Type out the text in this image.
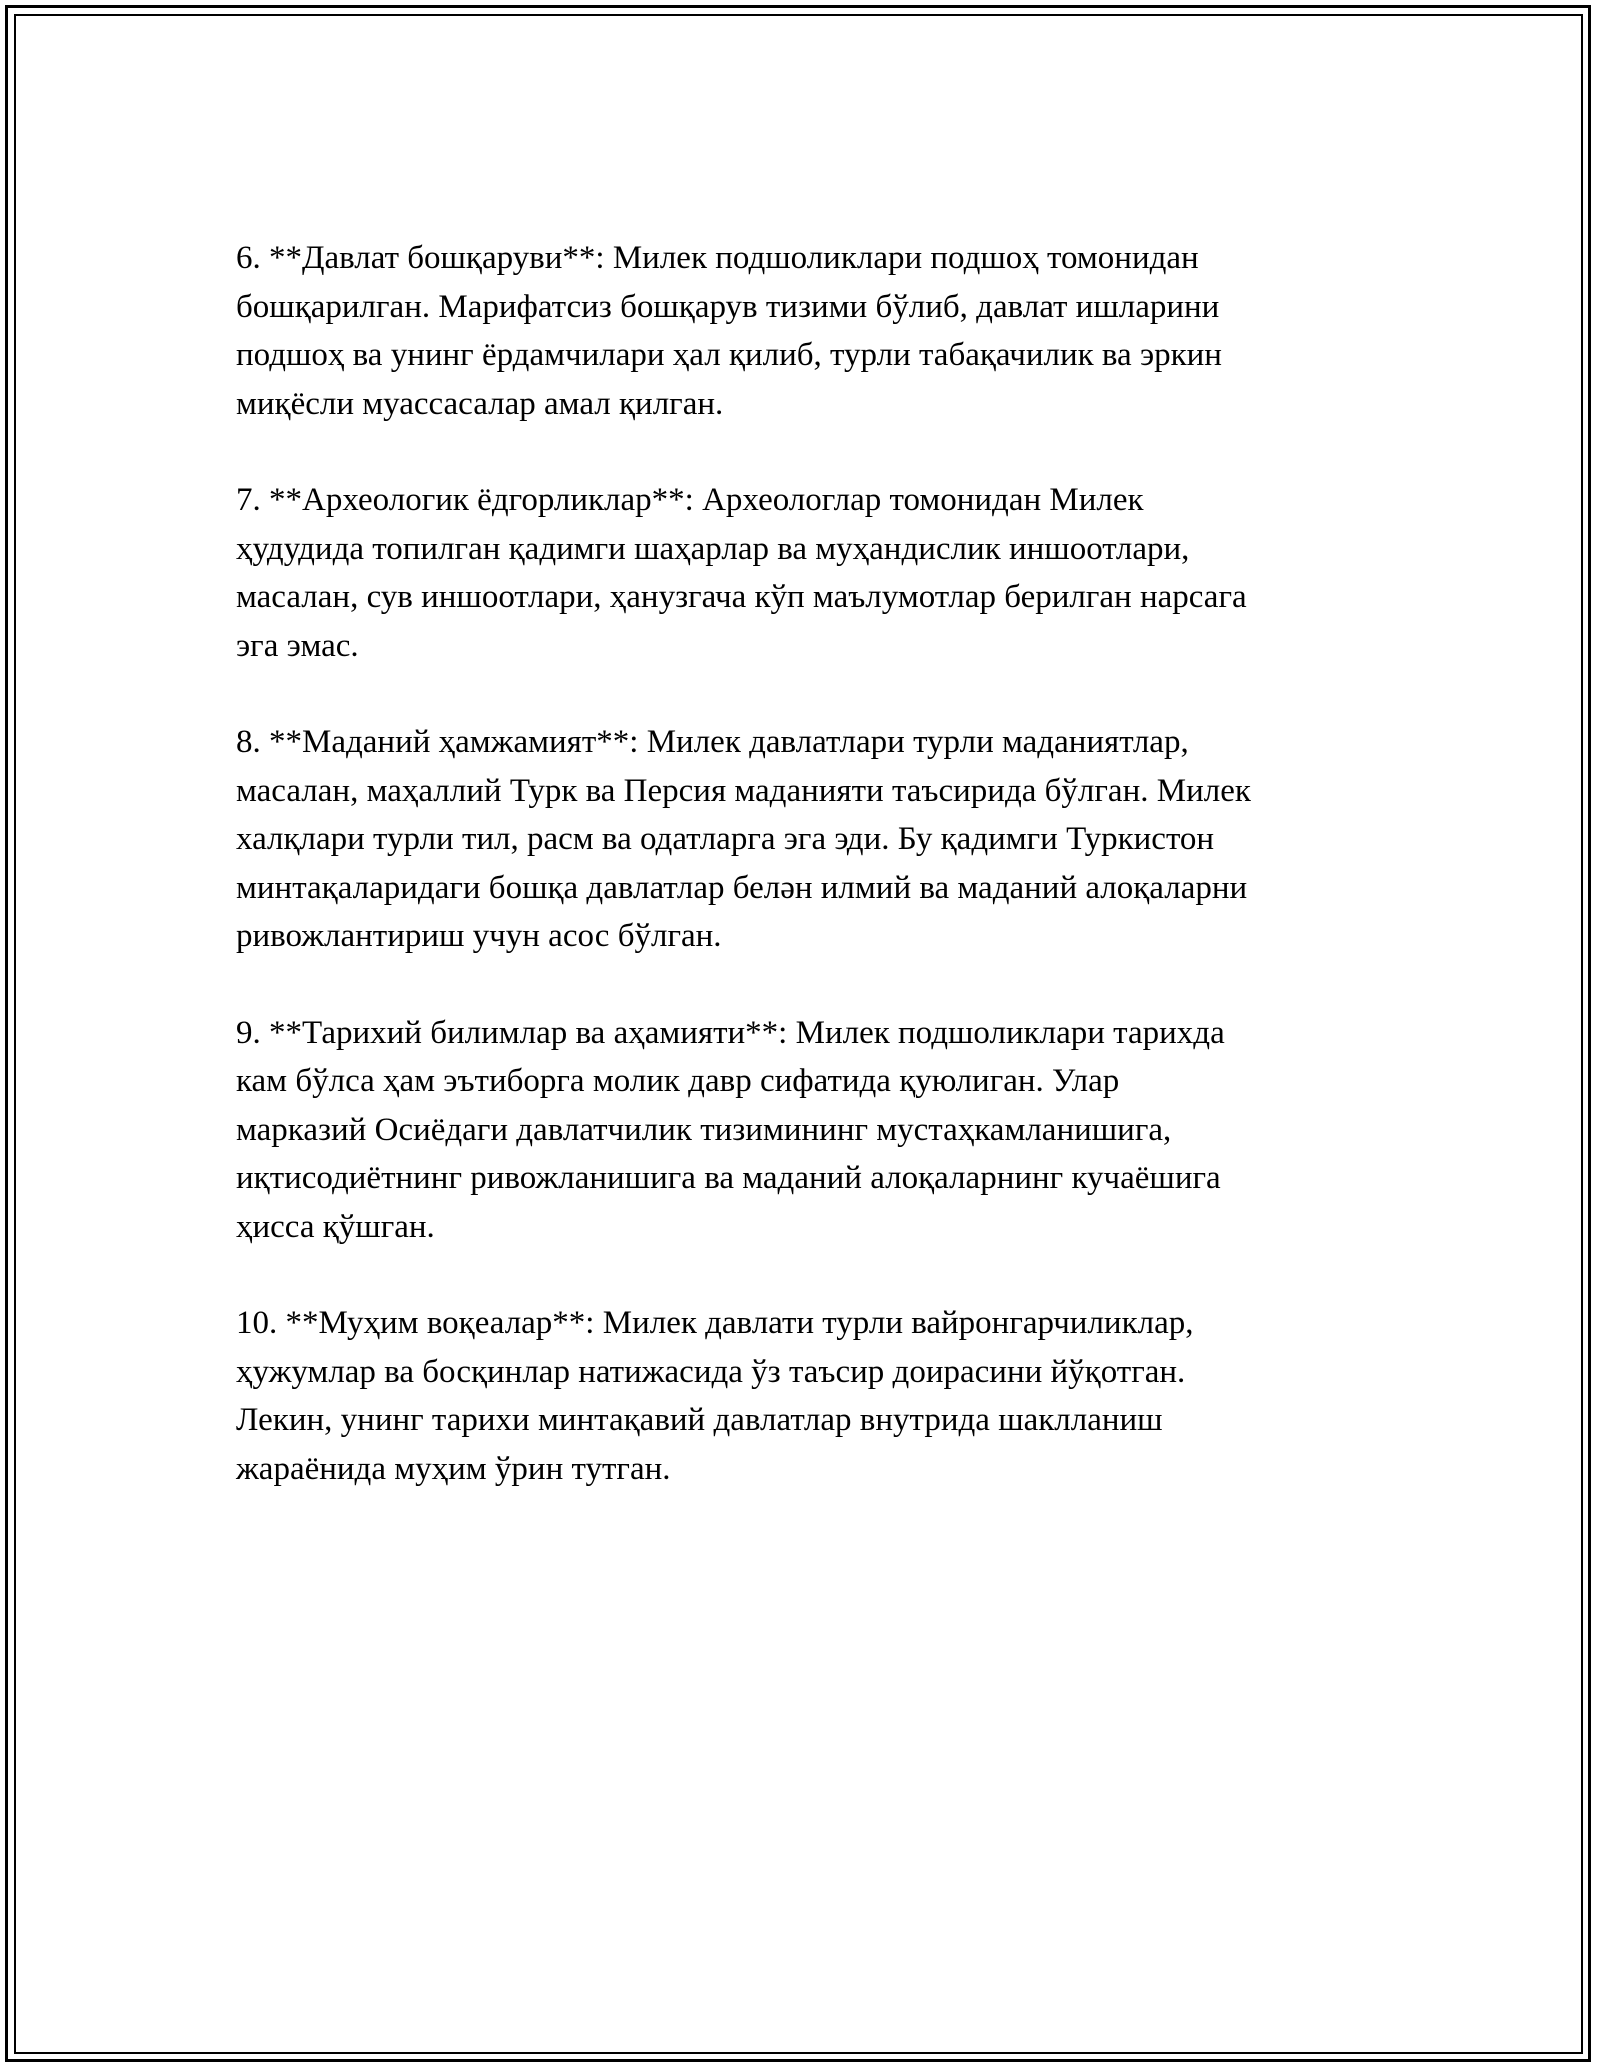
6. **Давлат бошқаруви**: Милек подшоликлари подшоҳ томонидан
бошқарилган. Марифатсиз бошқарув тизими бўлиб, давлат ишларини
подшоҳ ва унинг ёрдамчилари ҳал қилиб, турли табақачилик ва эркин
миқёсли муассасалар амал қилган.
7. **Археологик ёдгорликлар**: Археологлар томонидан Милек
ҳудудида топилган қадимги шаҳарлар ва муҳандислик иншоотлари,
масалан, сув иншоотлари, ҳанузгача кўп маълумотлар берилган нарсага
эга эмас.
8. **Маданий ҳамжамият**: Милек давлатлари турли маданиятлар,
масалан, маҳаллий Турк ва Персия маданияти таъсирида бўлган. Милек
халқлари турли тил, расм ва одатларга эга эди. Бу қадимги Туркистон
минтақаларидаги бошқа давлатлар белән илмий ва маданий алоқаларни
ривожлантириш учун асос бўлган.
9. **Тарихий билимлар ва аҳамияти**: Милек подшоликлари тарихда
кам бўлса ҳам эътиборга молик давр сифатида қуюлиган. Улар
марказий Осиёдаги давлатчилик тизимининг мустаҳкамланишига,
иқтисодиётнинг ривожланишига ва маданий алоқаларнинг кучаёшига
ҳисса қўшган.
10. **Муҳим воқеалар**: Милек давлати турли вайронгарчиликлар,
ҳужумлар ва босқинлар натижасида ўз таъсир доирасини йўқотган.
Лекин, унинг тарихи минтақавий давлатлар внутрида шаклланиш
жараёнида муҳим ўрин тутган.
